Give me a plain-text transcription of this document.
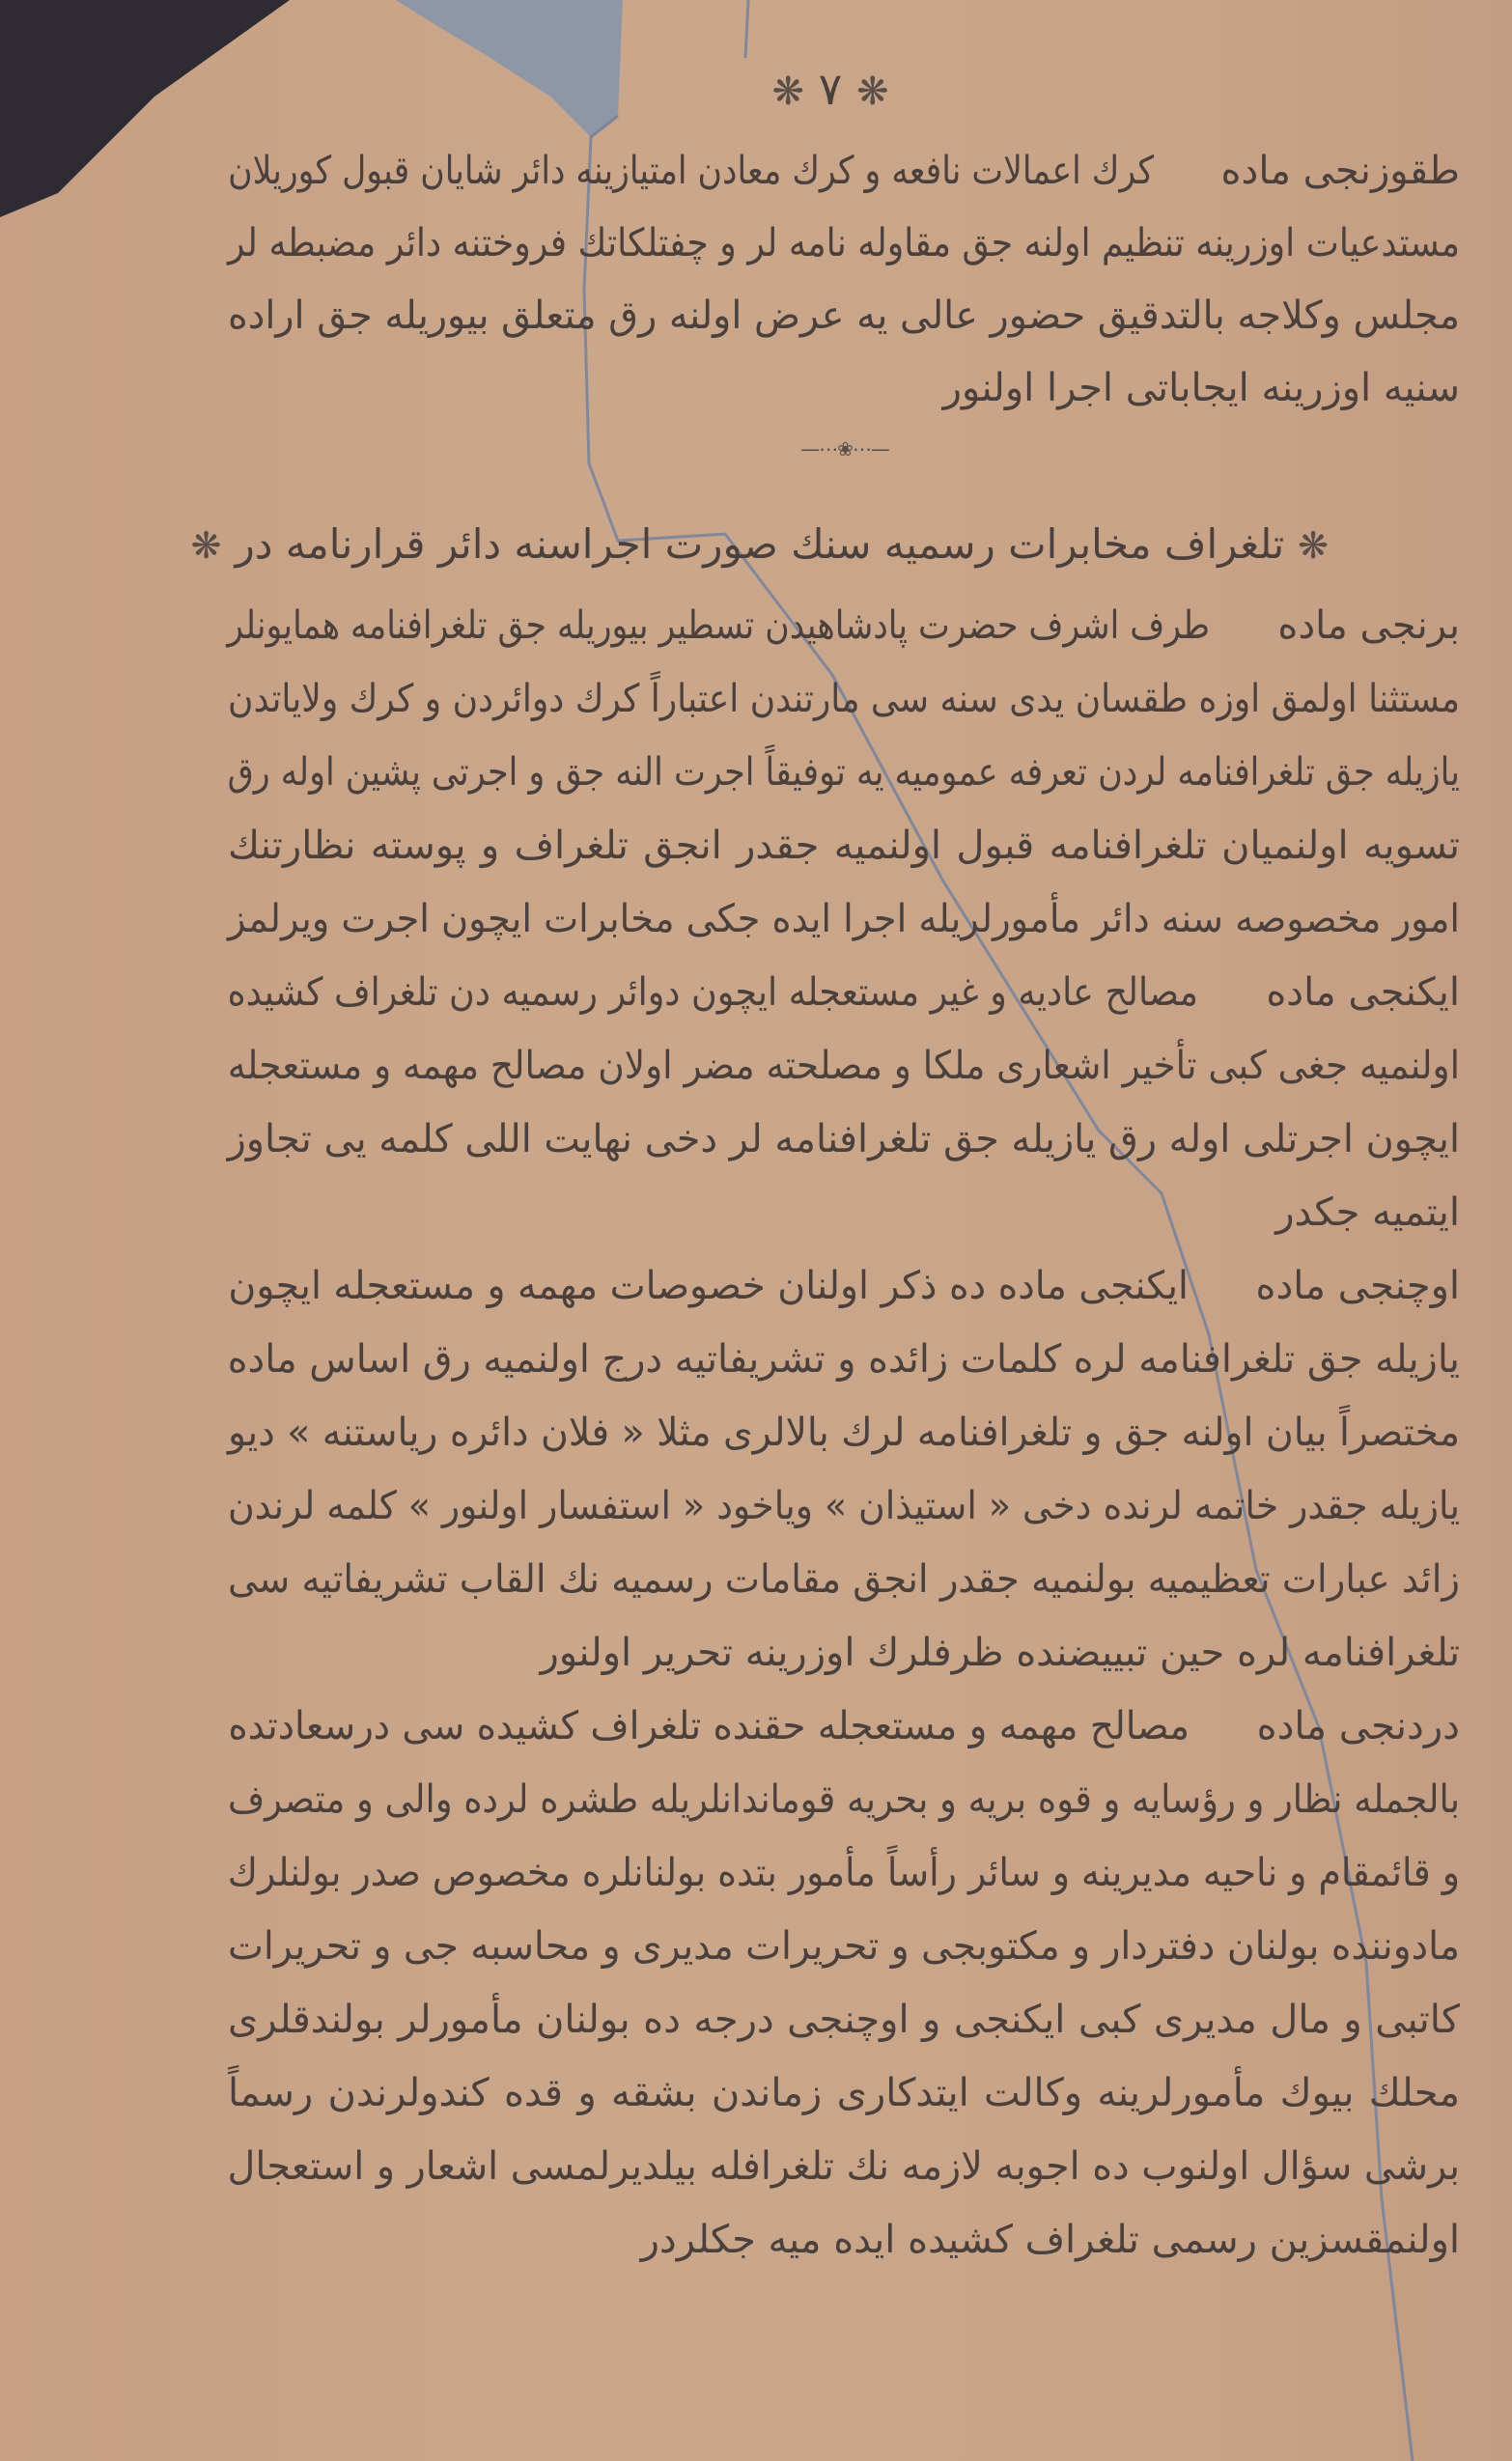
❋ ٧ ❋
طقوزنجی ماده
کرك اعمالات نافعه و کرك معادن امتیازینه دائر شایان قبول کوریلان
مستدعیات اوزرینه تنظیم اولنه جق مقاوله نامه لر و چفتلکاتك فروختنه دائر مضبطه لر
مجلس وکلاجه بالتدقیق حضور عالی یه عرض اولنه رق متعلق بیوریله جق اراده
سنیه اوزرینه ایجاباتی اجرا اولنور
—⋯❀⋯—
❋تلغراف مخابرات رسمیه سنك صورت اجراسنه دائر قرارنامه در❋
برنجی ماده
طرف اشرف حضرت پادشاهیدن تسطیر بیوریله جق تلغرافنامه همایونلر
مستثنا اولمق اوزه طقسان یدی سنه سی مارتندن اعتباراً کرك دوائردن و کرك ولایاتدن
یازیله جق تلغرافنامه لردن تعرفه عمومیه یه توفیقاً اجرت النه جق و اجرتی پشین اوله رق
تسویه اولنمیان تلغرافنامه قبول اولنمیه جقدر انجق تلغراف و پوسته نظارتنك
امور مخصوصه سنه دائر مأمورلریله اجرا ایده جکی مخابرات ایچون اجرت ویرلمز
ایکنجی ماده
مصالح عادیه و غیر مستعجله ایچون دوائر رسمیه دن تلغراف کشیده
اولنمیه جغی کبی تأخیر اشعاری ملکا و مصلحته مضر اولان مصالح مهمه و مستعجله
ایچون اجرتلی اوله رق یازیله جق تلغرافنامه لر دخی نهایت اللی کلمه یی تجاوز
ایتمیه جکدر
اوچنجی ماده
ایکنجی ماده ده ذکر اولنان خصوصات مهمه و مستعجله ایچون
یازیله جق تلغرافنامه لره کلمات زائده و تشریفاتیه درج اولنمیه رق اساس ماده
مختصراً بیان اولنه جق و تلغرافنامه لرك بالالری مثلا « فلان دائره ریاستنه » دیو
یازیله جقدر خاتمه لرنده دخی « استیذان » ویاخود « استفسار اولنور » کلمه لرندن
زائد عبارات تعظیمیه بولنمیه جقدر انجق مقامات رسمیه نك القاب تشریفاتیه سی
تلغرافنامه لره حین تبییضنده ظرفلرك اوزرینه تحریر اولنور
دردنجی ماده
مصالح مهمه و مستعجله حقنده تلغراف کشیده سی درسعادتده
بالجمله نظار و رؤسایه و قوه بریه و بحریه قوماندانلریله طشره لرده والی و متصرف
و قائمقام و ناحیه مدیرینه و سائر رأساً مأمور بتده بولنانلره مخصوص صدر بولنلرك
مادوننده بولنان دفتردار و مکتوبجی و تحریرات مدیری و محاسبه جی و تحریرات
کاتبی و مال مدیری کبی ایکنجی و اوچنجی درجه ده بولنان مأمورلر بولندقلری
محلك بیوك مأمورلرینه وکالت ایتدکاری زماندن بشقه و قده کندولرندن رسماً
برشی سؤال اولنوب ده اجوبه لازمه نك تلغرافله بیلدیرلمسی اشعار و استعجال
اولنمقسزین رسمی تلغراف کشیده ایده میه جکلردر
